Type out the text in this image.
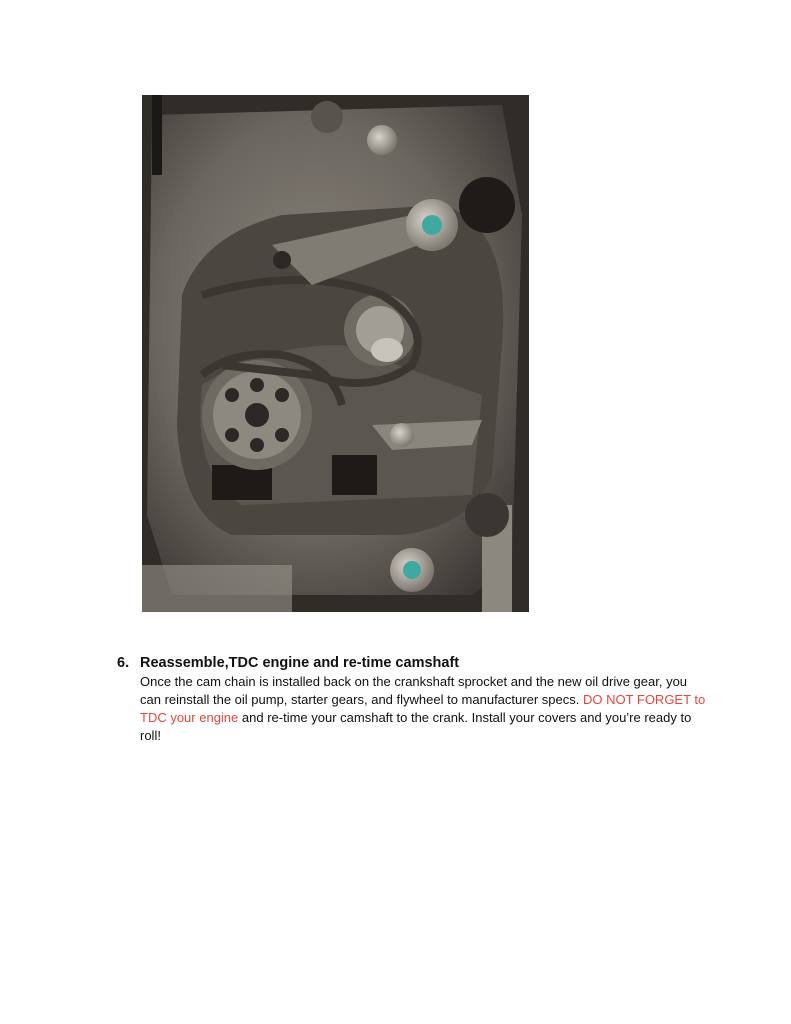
6. Reassemble,TDC engine and re-time camshaft
Once the cam chain is installed back on the crankshaft sprocket and the new oil drive gear, you can reinstall the oil pump, starter gears, and flywheel to manufacturer specs. DO NOT FORGET to TDC your engine and re-time your camshaft to the crank. Install your covers and you’re ready to roll!
